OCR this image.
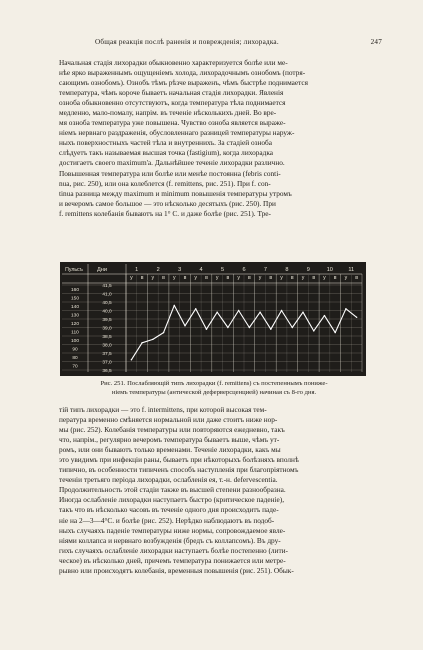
Общая реакція послѣ раненія и поврежденія; лихорадка.	247
Начальная стадія лихорадки обыкновенно характеризуется болѣе или ме-
нѣе ярко выраженнымъ ощущеніемъ холода, лихорадочнымъ ознобомъ (потря-
сающимъ ознобомъ). Ознобъ тѣмъ рѣзче выраженъ, чѣмъ быстрѣе поднимается
температура, чѣмъ короче бываетъ начальная стадія лихорадки. Явленія
озноба обыкновенно отсутствуютъ, когда температура тѣла поднимается
медленно, мало-помалу, напрім. въ теченіе нѣсколькихъ дней. Во вре-
мя озноба температура уже повышена. Чувство озноба является выраже-
ніемъ нервнаго раздраженія, обусловленнаго разницей температуры наруж-
ныхъ поверхностныхъ частей тѣла и внутреннихъ. За стадіей озноба
слѣдуетъ такъ называемая высшая точка (fastigium), когда лихорадка
достигаетъ своего maximum'а. Дальнѣйшее теченіе лихорадки различно.
Повышенная температура или болѣе или менѣе постоянна (febris conti-
nua, рис. 250), или она колеблется (f. remittens, рис. 251). При f. con-
tinua разница между maximum и minimum повышенія температуры утромъ
и вечеромъ самое большое — это нѣсколько десятыхъ (рис. 250). При
f. remittens колебанія бываютъ на 1° С. и даже болѣе (рис. 251). Тре-
Пульсъ	Дни	1
у в
2
у в
3
у в
4
у в
5
у в
6
у в
7
у в
8
у в
9
у в
10
у в
11
у в
41,5
41,0
40,5
40,0
39,5
39,0
38,5
38,0
37,5
37,0
36,5
160
150
140
130
120
110
100
90
80
70
Рис. 251. Послабляющій типъ лихорадки (f. remittens) съ постепеннымъ пониже-
ніемъ температуры (антической деферверсценцией) начиная съ 8-го дня.
тій типъ лихорадки — это f. intermittens, при которой высокая тем-
пература временно смѣняется нормальной или даже стоитъ ниже нор-
мы (рис. 252). Колебанія температуры или повторяются ежедневно, такъ
что, напрім., регулярно вечеромъ температура бываетъ выше, чѣмъ ут-
ромъ, или они бываютъ только временами. Теченіе лихорадки, какъ мы
это увидимъ при инфекціи раны, бываетъ при нѣкоторыхъ болѣзняхъ вполнѣ
типично, въ особенности типиченъ способъ наступленія при благопріятномъ
теченіи третьяго періода лихорадки, ослабленія ея, т.-н. defervescentia.
Продолжительность этой стадіи также въ высшей степени разнообразна.
Иногда ослабленіе лихорадки наступаетъ быстро (критическое паденіе),
такъ что въ нѣсколько часовъ въ теченіе одного дня происходитъ паде-
ніе на 2—3—4°С. и болѣе (рис. 252). Нерѣдко наблюдаютъ въ подоб-
ныхъ случаяхъ паденіе температуры ниже нормы, сопровождаемое явле-
ніями коллапса и нервнаго возбужденія (бредъ съ коллапсомъ). Въ дру-
гихъ случаяхъ ослабленіе лихорадки наступаетъ болѣе постепенно (лити-
ческое) въ нѣсколько дней, причемъ температура понижается или метре-
рывно или происходятъ колебанія, временныя повышенія (рис. 251). Обык-
